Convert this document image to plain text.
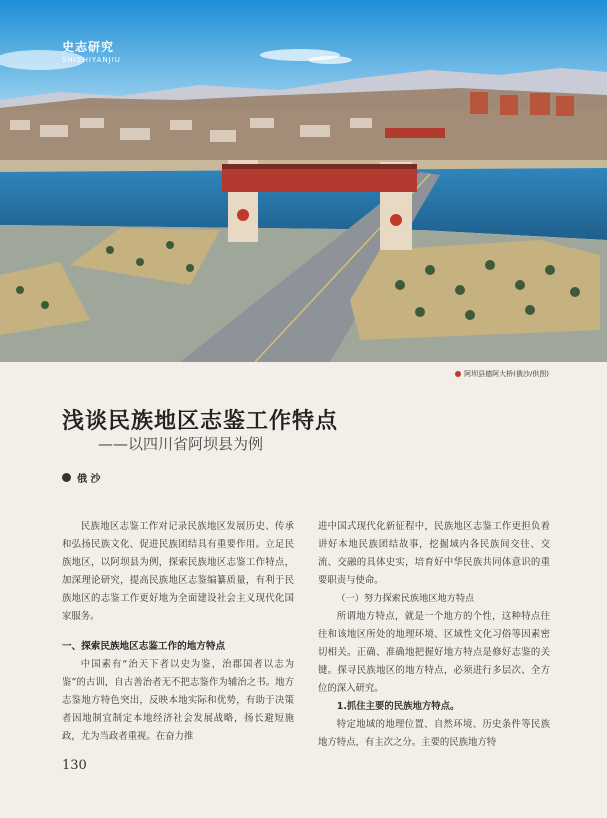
史志研究
SHIZHIYANJIU
阿坝县德阿大桥(俄沙/供图)
浅谈民族地区志鉴工作特点
——以四川省阿坝县为例
俄 沙

民族地区志鉴工作对记录民族地区发展历史、传承和弘扬民族文化、促进民族团结具有重要作用。立足民族地区，以阿坝县为例，探索民族地区志鉴工作特点，加深理论研究，提高民族地区志鉴编纂质量，有利于民族地区的志鉴工作更好地为全面建设社会主义现代化国家服务。

一、探索民族地区志鉴工作的地方特点

中国素有“治天下者以史为鉴，治郡国者以志为鉴”的古训，自古善治者无不把志鉴作为辅治之书。地方志鉴地方特色突出，反映本地实际和优势，有助于决策者因地制宜制定本地经济社会发展战略，扬长避短施政，尤为当政者重视。在奋力推

进中国式现代化新征程中，民族地区志鉴工作更担负着讲好本地民族团结故事，挖掘域内各民族间交往、交流、交融的具体史实，培育好中华民族共同体意识的重要职责与使命。

（一）努力探索民族地区地方特点

所谓地方特点，就是一个地方的个性，这种特点往往和该地区所处的地理环境、区域性文化习俗等因素密切相关。正确、准确地把握好地方特点是修好志鉴的关键。探寻民族地区的地方特点，必须进行多层次、全方位的深入研究。

1.抓住主要的民族地方特点。

特定地域的地理位置、自然环境、历史条件等民族地方特点，有主次之分。主要的民族地方特

130
